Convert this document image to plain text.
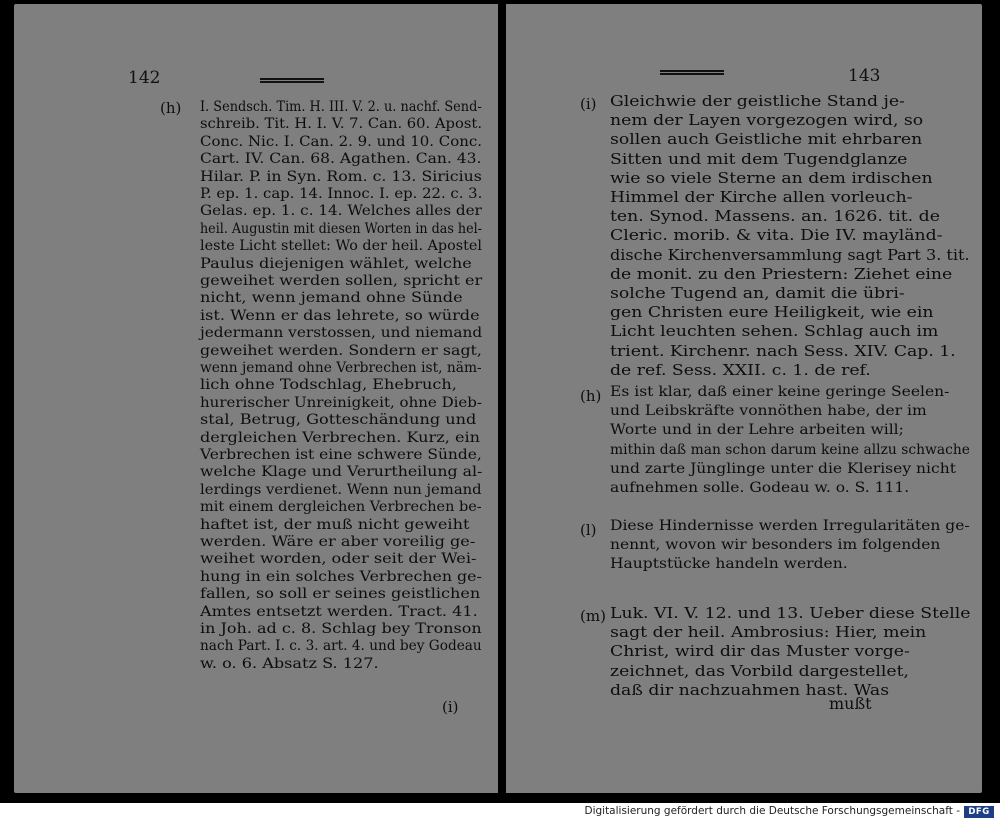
142
(h) I. Sendsch. Tim. H. III. V. 2. u. nachf. Send-
schreib. Tit. H. I. V. 7. Can. 60. Apost.
Conc. Nic. I. Can. 2. 9. und 10. Conc.
Cart. IV. Can. 68. Agathen. Can. 43.
Hilar. P. in Syn. Rom. c. 13. Siricius
P. ep. 1. cap. 14. Innoc. I. ep. 22. c. 3.
Gelas. ep. 1. c. 14. Welches alles der
heil. Augustin mit diesen Worten in das hel-
leste Licht stellet: Wo der heil. Apostel
Paulus diejenigen wählet, welche
geweihet werden sollen, spricht er
nicht, wenn jemand ohne Sünde
ist. Wenn er das lehrete, so würde
jedermann verstossen, und niemand
geweihet werden. Sondern er sagt,
wenn jemand ohne Verbrechen ist, näm-
lich ohne Todschlag, Ehebruch,
hurerischer Unreinigkeit, ohne Dieb-
stal, Betrug, Gotteschändung und
dergleichen Verbrechen. Kurz, ein
Verbrechen ist eine schwere Sünde,
welche Klage und Verurtheilung al-
lerdings verdienet. Wenn nun jemand
mit einem dergleichen Verbrechen be-
haftet ist, der muß nicht geweiht
werden. Wäre er aber voreilig ge-
weihet worden, oder seit der Wei-
hung in ein solches Verbrechen ge-
fallen, so soll er seines geistlichen
Amtes entsetzt werden. Tract. 41.
in Joh. ad c. 8. Schlag bey Tronson
nach Part. I. c. 3. art. 4. und bey Godeau
w. o. 6. Absatz S. 127.
(i)
143
(i) Gleichwie der geistliche Stand je-
nem der Layen vorgezogen wird, so
sollen auch Geistliche mit ehrbaren
Sitten und mit dem Tugendglanze
wie so viele Sterne an dem irdischen
Himmel der Kirche allen vorleuch-
ten. Synod. Massens. an. 1626. tit. de
Cleric. morib. & vita. Die IV. mayländ-
dische Kirchenversammlung sagt Part 3. tit.
de monit. zu den Priestern: Ziehet eine
solche Tugend an, damit die übri-
gen Christen eure Heiligkeit, wie ein
Licht leuchten sehen. Schlag auch im
trient. Kirchenr. nach Sess. XIV. Cap. 1.
de ref. Sess. XXII. c. 1. de ref.
(h) Es ist klar, daß einer keine geringe Seelen-
und Leibskräfte vonnöthen habe, der im
Worte und in der Lehre arbeiten will;
mithin daß man schon darum keine allzu schwache
und zarte Jünglinge unter die Klerisey nicht
aufnehmen solle. Godeau w. o. S. 111.
(l) Diese Hindernisse werden Irregularitäten ge-
nennt, wovon wir besonders im folgenden
Hauptstücke handeln werden.
(m) Luk. VI. V. 12. und 13. Ueber diese Stelle
sagt der heil. Ambrosius: Hier, mein
Christ, wird dir das Muster vorge-
zeichnet, das Vorbild dargestellet,
daß dir nachzuahmen hast. Was
mußt
Digitalisierung gefördert durch die Deutsche Forschungsgemeinschaft - DFG
